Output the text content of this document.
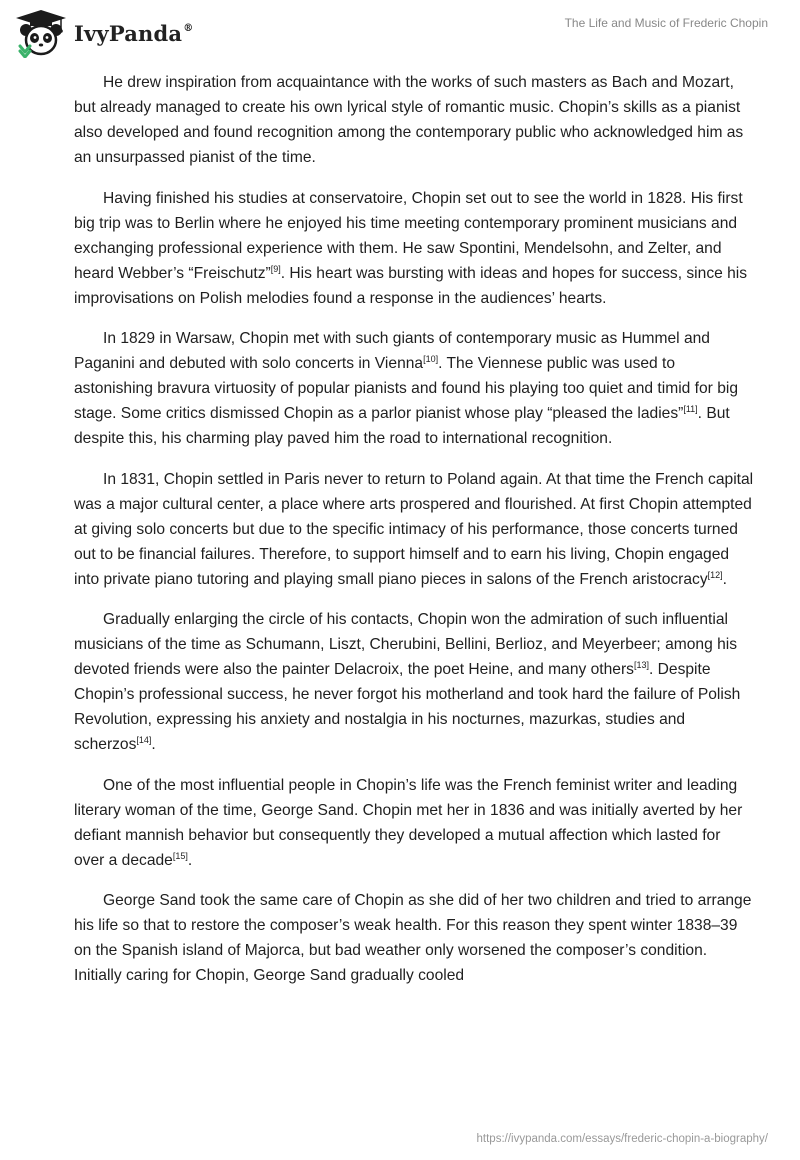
IvyPanda®	The Life and Music of Frederic Chopin

He drew inspiration from acquaintance with the works of such masters as Bach and Mozart, but already managed to create his own lyrical style of romantic music. Chopin’s skills as a pianist also developed and found recognition among the contemporary public who acknowledged him as an unsurpassed pianist of the time.

Having finished his studies at conservatoire, Chopin set out to see the world in 1828. His first big trip was to Berlin where he enjoyed his time meeting contemporary prominent musicians and exchanging professional experience with them. He saw Spontini, Mendelsohn, and Zelter, and heard Webber’s “Freischutz”[9]. His heart was bursting with ideas and hopes for success, since his improvisations on Polish melodies found a response in the audiences’ hearts.

In 1829 in Warsaw, Chopin met with such giants of contemporary music as Hummel and Paganini and debuted with solo concerts in Vienna[10]. The Viennese public was used to astonishing bravura virtuosity of popular pianists and found his playing too quiet and timid for big stage. Some critics dismissed Chopin as a parlor pianist whose play “pleased the ladies”[11]. But despite this, his charming play paved him the road to international recognition.

In 1831, Chopin settled in Paris never to return to Poland again. At that time the French capital was a major cultural center, a place where arts prospered and flourished. At first Chopin attempted at giving solo concerts but due to the specific intimacy of his performance, those concerts turned out to be financial failures. Therefore, to support himself and to earn his living, Chopin engaged into private piano tutoring and playing small piano pieces in salons of the French aristocracy[12].

Gradually enlarging the circle of his contacts, Chopin won the admiration of such influential musicians of the time as Schumann, Liszt, Cherubini, Bellini, Berlioz, and Meyerbeer; among his devoted friends were also the painter Delacroix, the poet Heine, and many others[13]. Despite Chopin’s professional success, he never forgot his motherland and took hard the failure of Polish Revolution, expressing his anxiety and nostalgia in his nocturnes, mazurkas, studies and scherzos[14].

One of the most influential people in Chopin’s life was the French feminist writer and leading literary woman of the time, George Sand. Chopin met her in 1836 and was initially averted by her defiant mannish behavior but consequently they developed a mutual affection which lasted for over a decade[15].

George Sand took the same care of Chopin as she did of her two children and tried to arrange his life so that to restore the composer’s weak health. For this reason they spent winter 1838–39 on the Spanish island of Majorca, but bad weather only worsened the composer’s condition. Initially caring for Chopin, George Sand gradually cooled

https://ivypanda.com/essays/frederic-chopin-a-biography/
